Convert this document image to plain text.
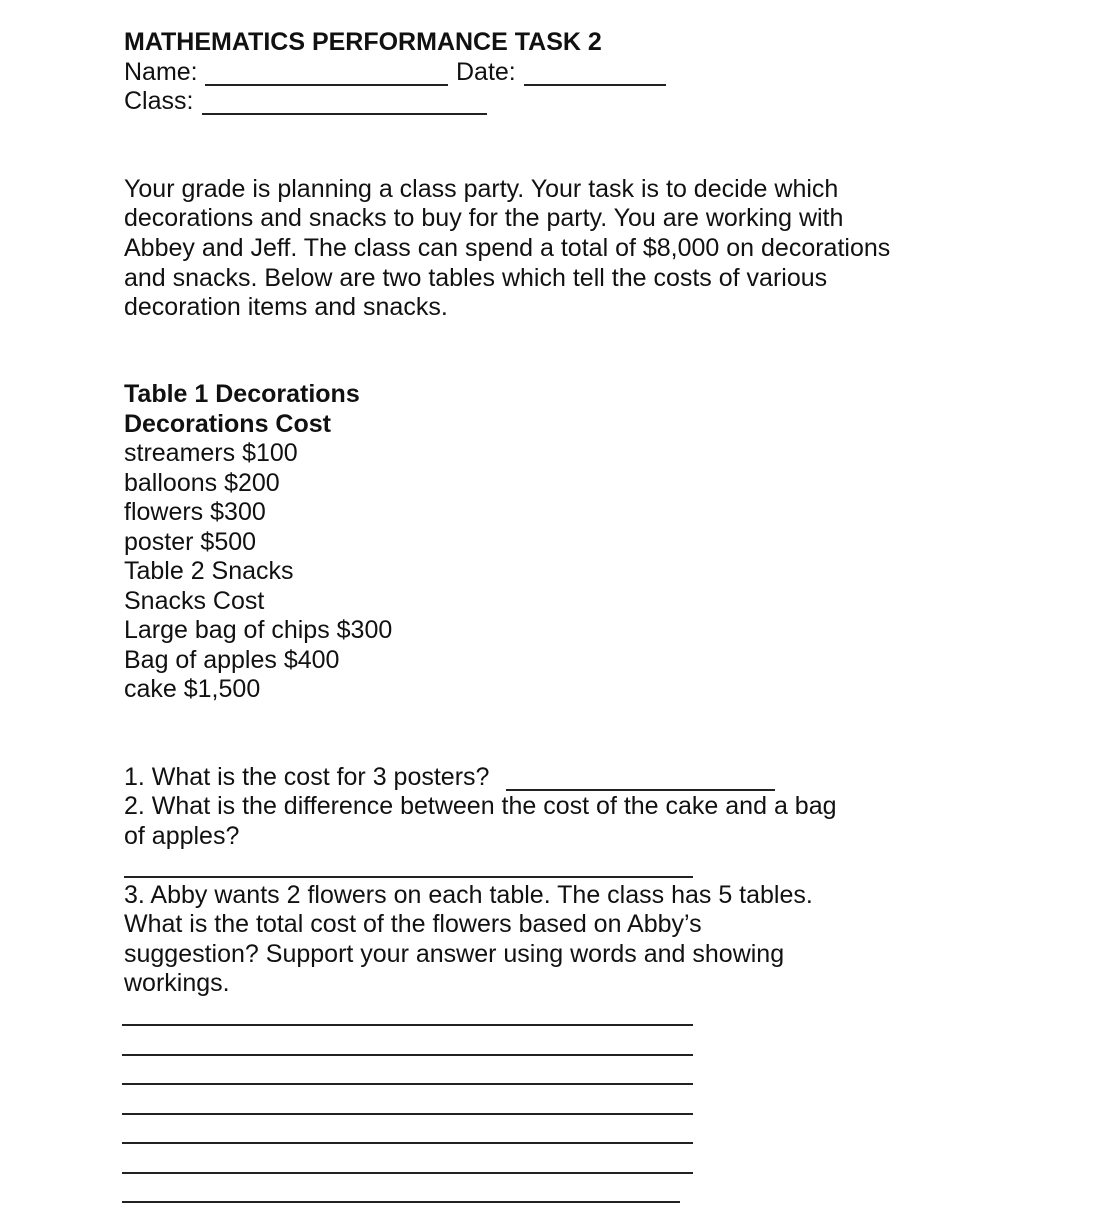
MATHEMATICS PERFORMANCE TASK 2
Name:	Date:
Class:
Your grade is planning a class party. Your task is to decide which
decorations and snacks to buy for the party. You are working with
Abbey and Jeff. The class can spend a total of $8,000 on decorations
and snacks. Below are two tables which tell the costs of various
decoration items and snacks.
Table 1 Decorations
Decorations Cost
streamers $100
balloons $200
flowers $300
poster $500
Table 2 Snacks
Snacks Cost
Large bag of chips $300
Bag of apples $400
cake $1,500
1. What is the cost for 3 posters?
2. What is the difference between the cost of the cake and a bag
of apples?
3. Abby wants 2 flowers on each table. The class has 5 tables.
What is the total cost of the flowers based on Abby’s
suggestion? Support your answer using words and showing
workings.
